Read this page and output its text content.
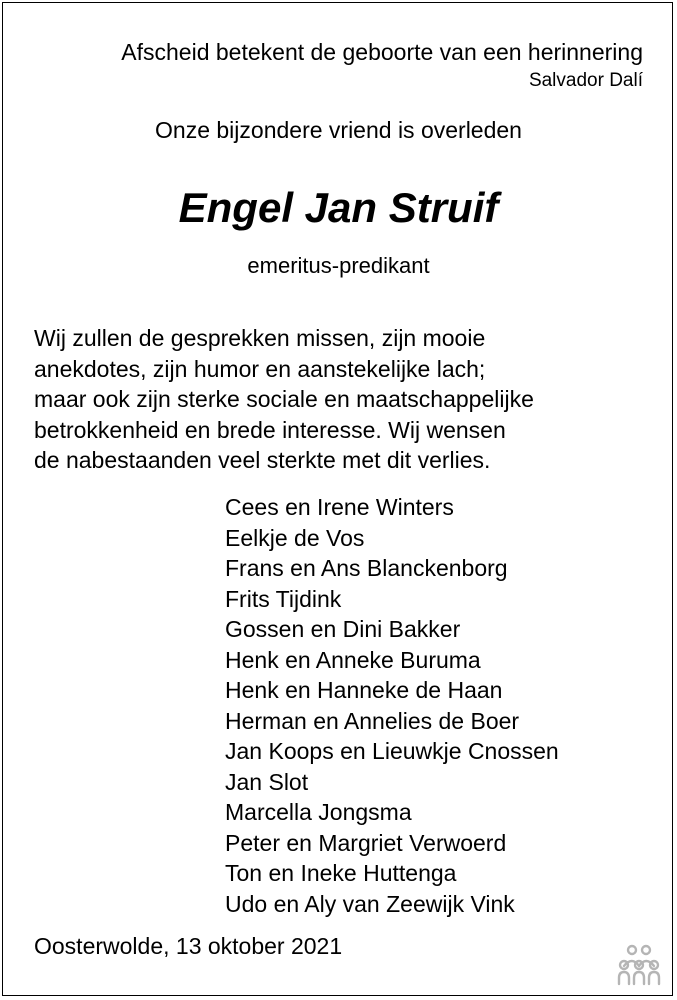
Afscheid betekent de geboorte van een herinnering
Salvador Dalí
Onze bijzondere vriend is overleden
Engel Jan Struif
emeritus-predikant
Wij zullen de gesprekken missen, zijn mooie
anekdotes, zijn humor en aanstekelijke lach;
maar ook zijn sterke sociale en maatschappelijke
betrokkenheid en brede interesse. Wij wensen
de nabestaanden veel sterkte met dit verlies.
Cees en Irene Winters
Eelkje de Vos
Frans en Ans Blanckenborg
Frits Tijdink
Gossen en Dini Bakker
Henk en Anneke Buruma
Henk en Hanneke de Haan
Herman en Annelies de Boer
Jan Koops en Lieuwkje Cnossen
Jan Slot
Marcella Jongsma
Peter en Margriet Verwoerd
Ton en Ineke Huttenga
Udo en Aly van Zeewijk Vink
Oosterwolde, 13 oktober 2021
